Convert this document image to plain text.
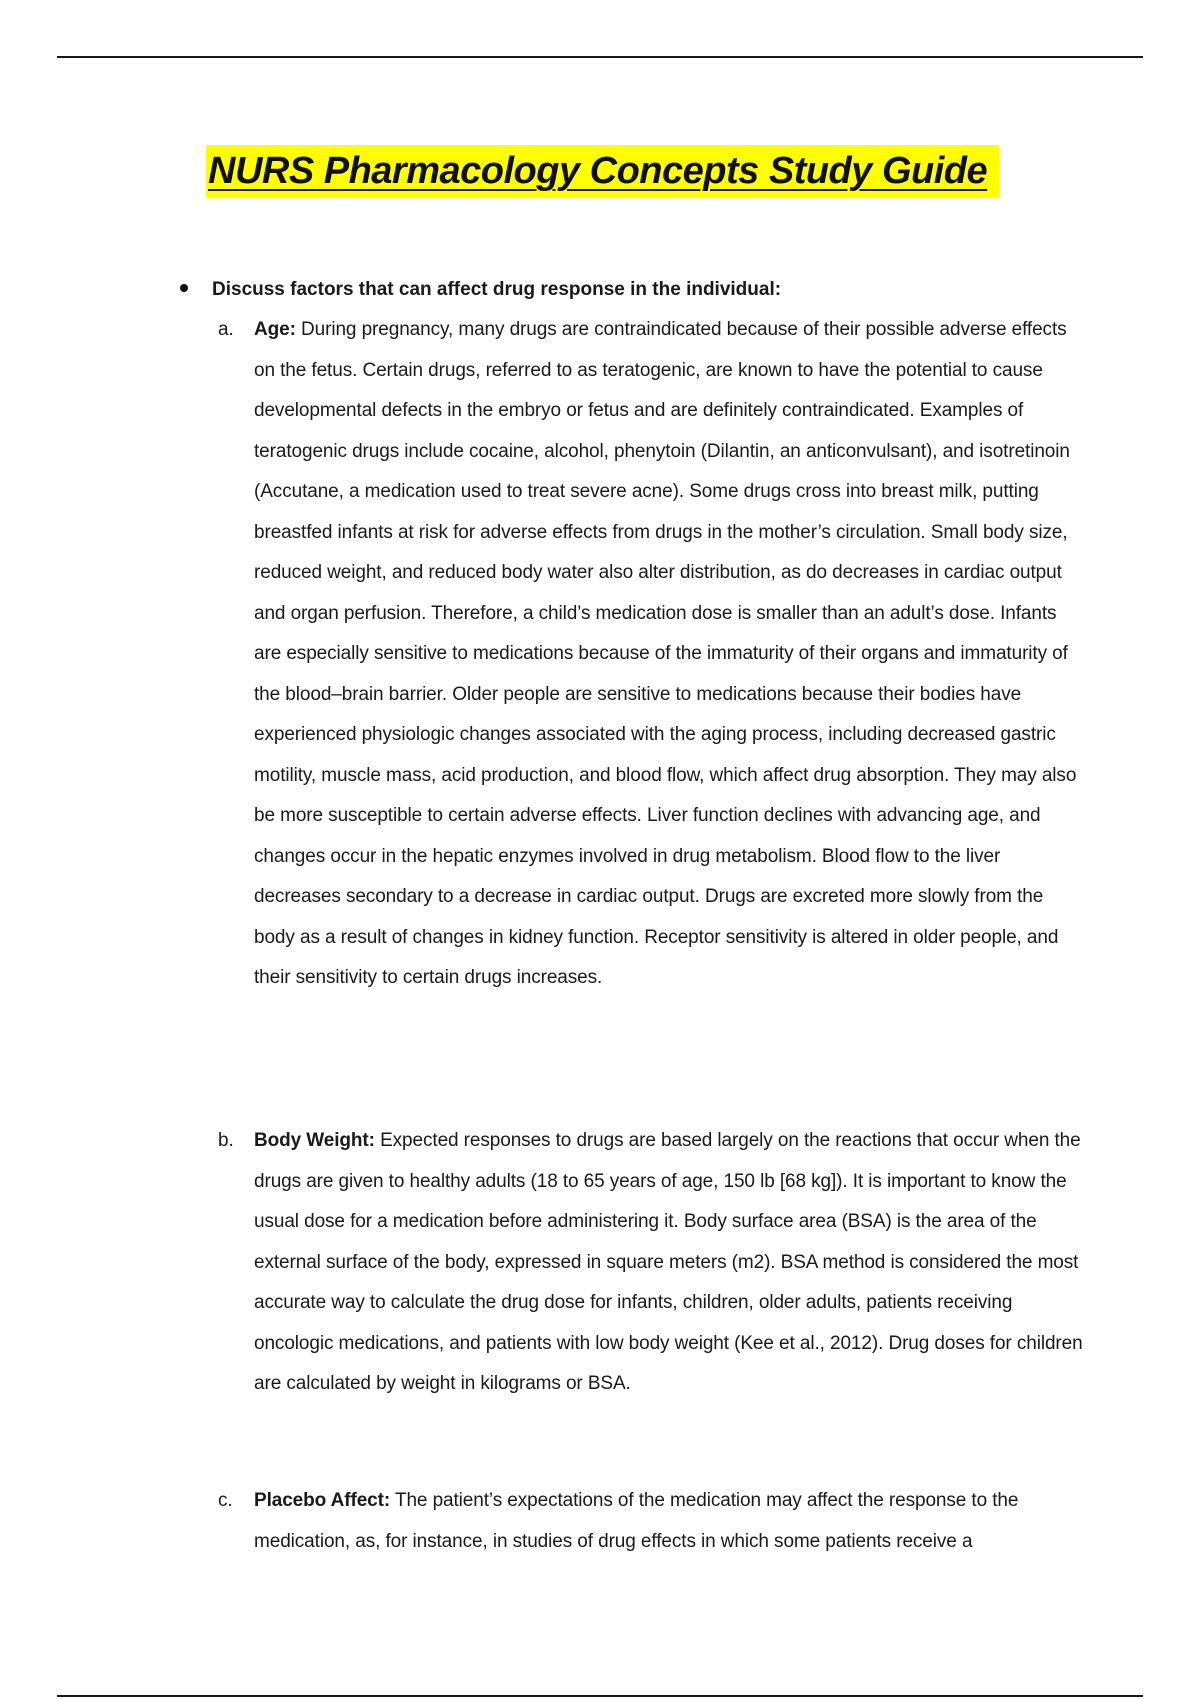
NURS Pharmacology Concepts Study Guide
Discuss factors that can affect drug response in the individual:
a.	Age: During pregnancy, many drugs are contraindicated because of their possible adverse effects on the fetus. Certain drugs, referred to as teratogenic, are known to have the potential to cause developmental defects in the embryo or fetus and are definitely contraindicated. Examples of teratogenic drugs include cocaine, alcohol, phenytoin (Dilantin, an anticonvulsant), and isotretinoin (Accutane, a medication used to treat severe acne). Some drugs cross into breast milk, putting breastfed infants at risk for adverse effects from drugs in the mother’s circulation. Small body size, reduced weight, and reduced body water also alter distribution, as do decreases in cardiac output and organ perfusion. Therefore, a child’s medication dose is smaller than an adult’s dose. Infants are especially sensitive to medications because of the immaturity of their organs and immaturity of the blood–brain barrier. Older people are sensitive to medications because their bodies have experienced physiologic changes associated with the aging process, including decreased gastric motility, muscle mass, acid production, and blood flow, which affect drug absorption. They may also be more susceptible to certain adverse effects. Liver function declines with advancing age, and changes occur in the hepatic enzymes involved in drug metabolism. Blood flow to the liver decreases secondary to a decrease in cardiac output. Drugs are excreted more slowly from the body as a result of changes in kidney function. Receptor sensitivity is altered in older people, and their sensitivity to certain drugs increases.
b.	Body Weight: Expected responses to drugs are based largely on the reactions that occur when the drugs are given to healthy adults (18 to 65 years of age, 150 lb [68 kg]). It is important to know the usual dose for a medication before administering it. Body surface area (BSA) is the area of the external surface of the body, expressed in square meters (m2). BSA method is considered the most accurate way to calculate the drug dose for infants, children, older adults, patients receiving oncologic medications, and patients with low body weight (Kee et al., 2012). Drug doses for children are calculated by weight in kilograms or BSA.
c.	Placebo Affect: The patient’s expectations of the medication may affect the response to the medication, as, for instance, in studies of drug effects in which some patients receive a
